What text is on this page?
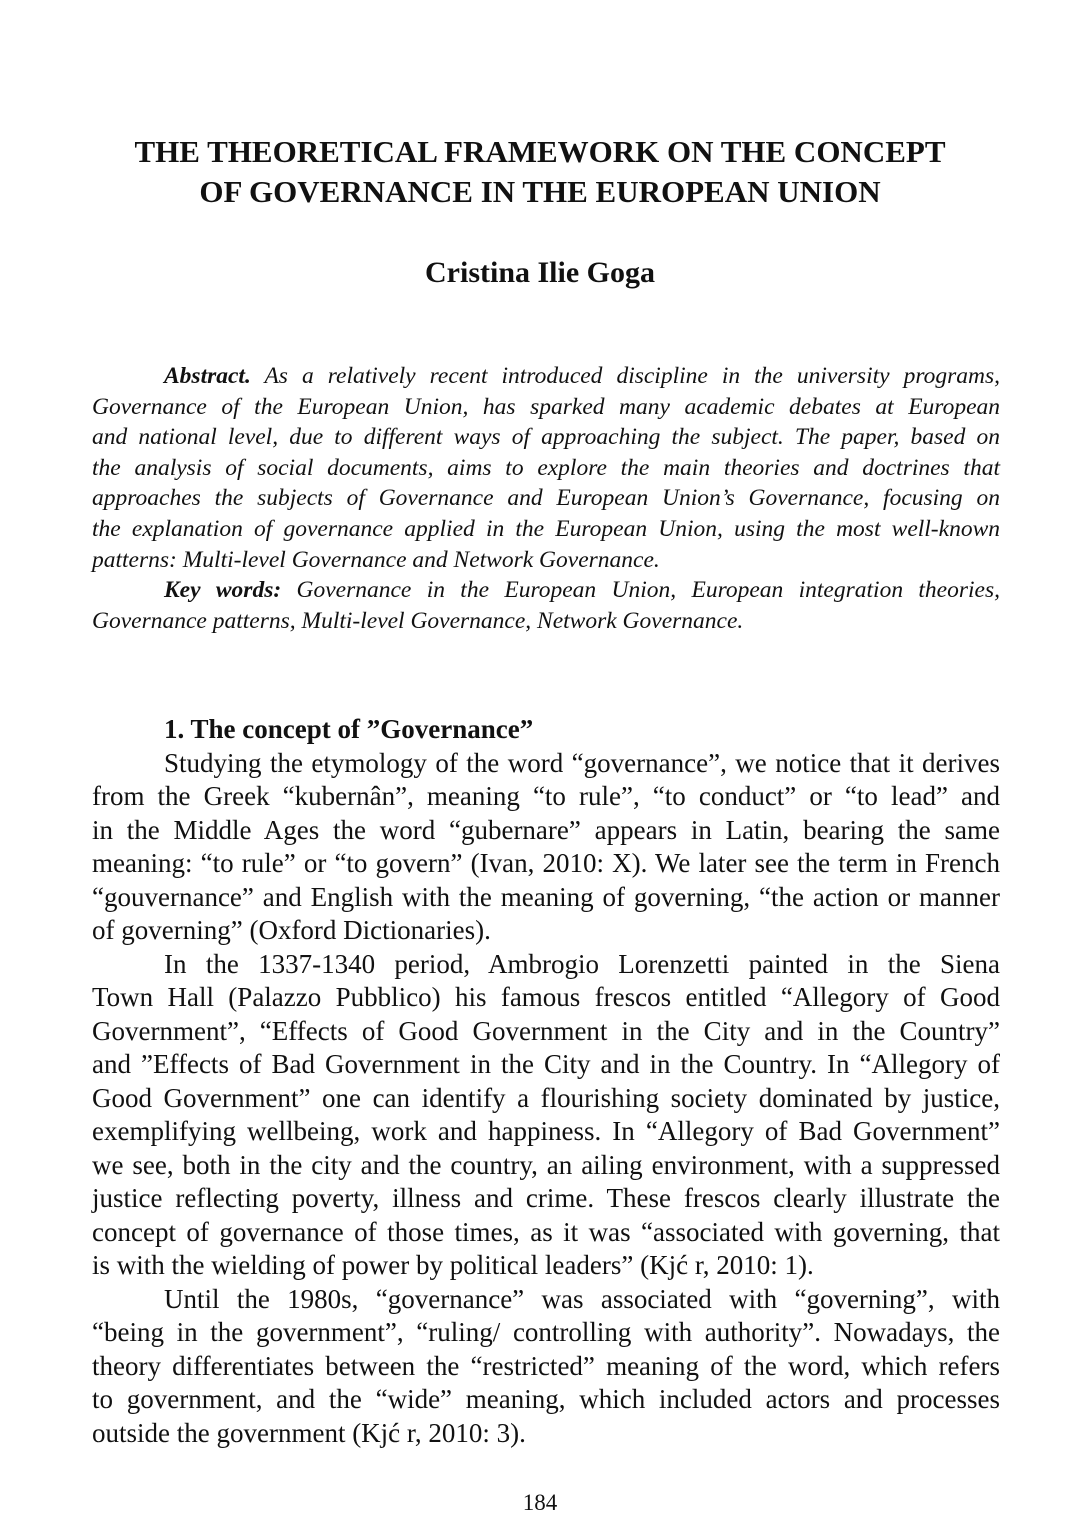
THE THEORETICAL FRAMEWORK ON THE CONCEPT
OF GOVERNANCE IN THE EUROPEAN UNION
Cristina Ilie Goga
Abstract. As a relatively recent introduced discipline in the university programs,
Governance of the European Union, has sparked many academic debates at European
and national level, due to different ways of approaching the subject. The paper, based on
the analysis of social documents, aims to explore the main theories and doctrines that
approaches the subjects of Governance and European Union’s Governance, focusing on
the explanation of governance applied in the European Union, using the most well-known
patterns: Multi-level Governance and Network Governance.
Key words: Governance in the European Union, European integration theories,
Governance patterns, Multi-level Governance, Network Governance.
1. The concept of ”Governance”
Studying the etymology of the word “governance”, we notice that it derives
from the Greek “kubernân”, meaning “to rule”, “to conduct” or “to lead” and
in the Middle Ages the word “gubernare” appears in Latin, bearing the same
meaning: “to rule” or “to govern” (Ivan, 2010: X). We later see the term in French
“gouvernance” and English with the meaning of governing, “the action or manner
of governing” (Oxford Dictionaries).
In the 1337-1340 period, Ambrogio Lorenzetti painted in the Siena
Town Hall (Palazzo Pubblico) his famous frescos entitled “Allegory of Good
Government”, “Effects of Good Government in the City and in the Country”
and ”Effects of Bad Government in the City and in the Country. In “Allegory of
Good Government” one can identify a flourishing society dominated by justice,
exemplifying wellbeing, work and happiness. In “Allegory of Bad Government”
we see, both in the city and the country, an ailing environment, with a suppressed
justice reflecting poverty, illness and crime. These frescos clearly illustrate the
concept of governance of those times, as it was “associated with governing, that
is with the wielding of power by political leaders” (Kjć r, 2010: 1).
Until the 1980s, “governance” was associated with “governing”, with
“being in the government”, “ruling/ controlling with authority”. Nowadays, the
theory differentiates between the “restricted” meaning of the word, which refers
to government, and the “wide” meaning, which included actors and processes
outside the government (Kjć r, 2010: 3).
184
